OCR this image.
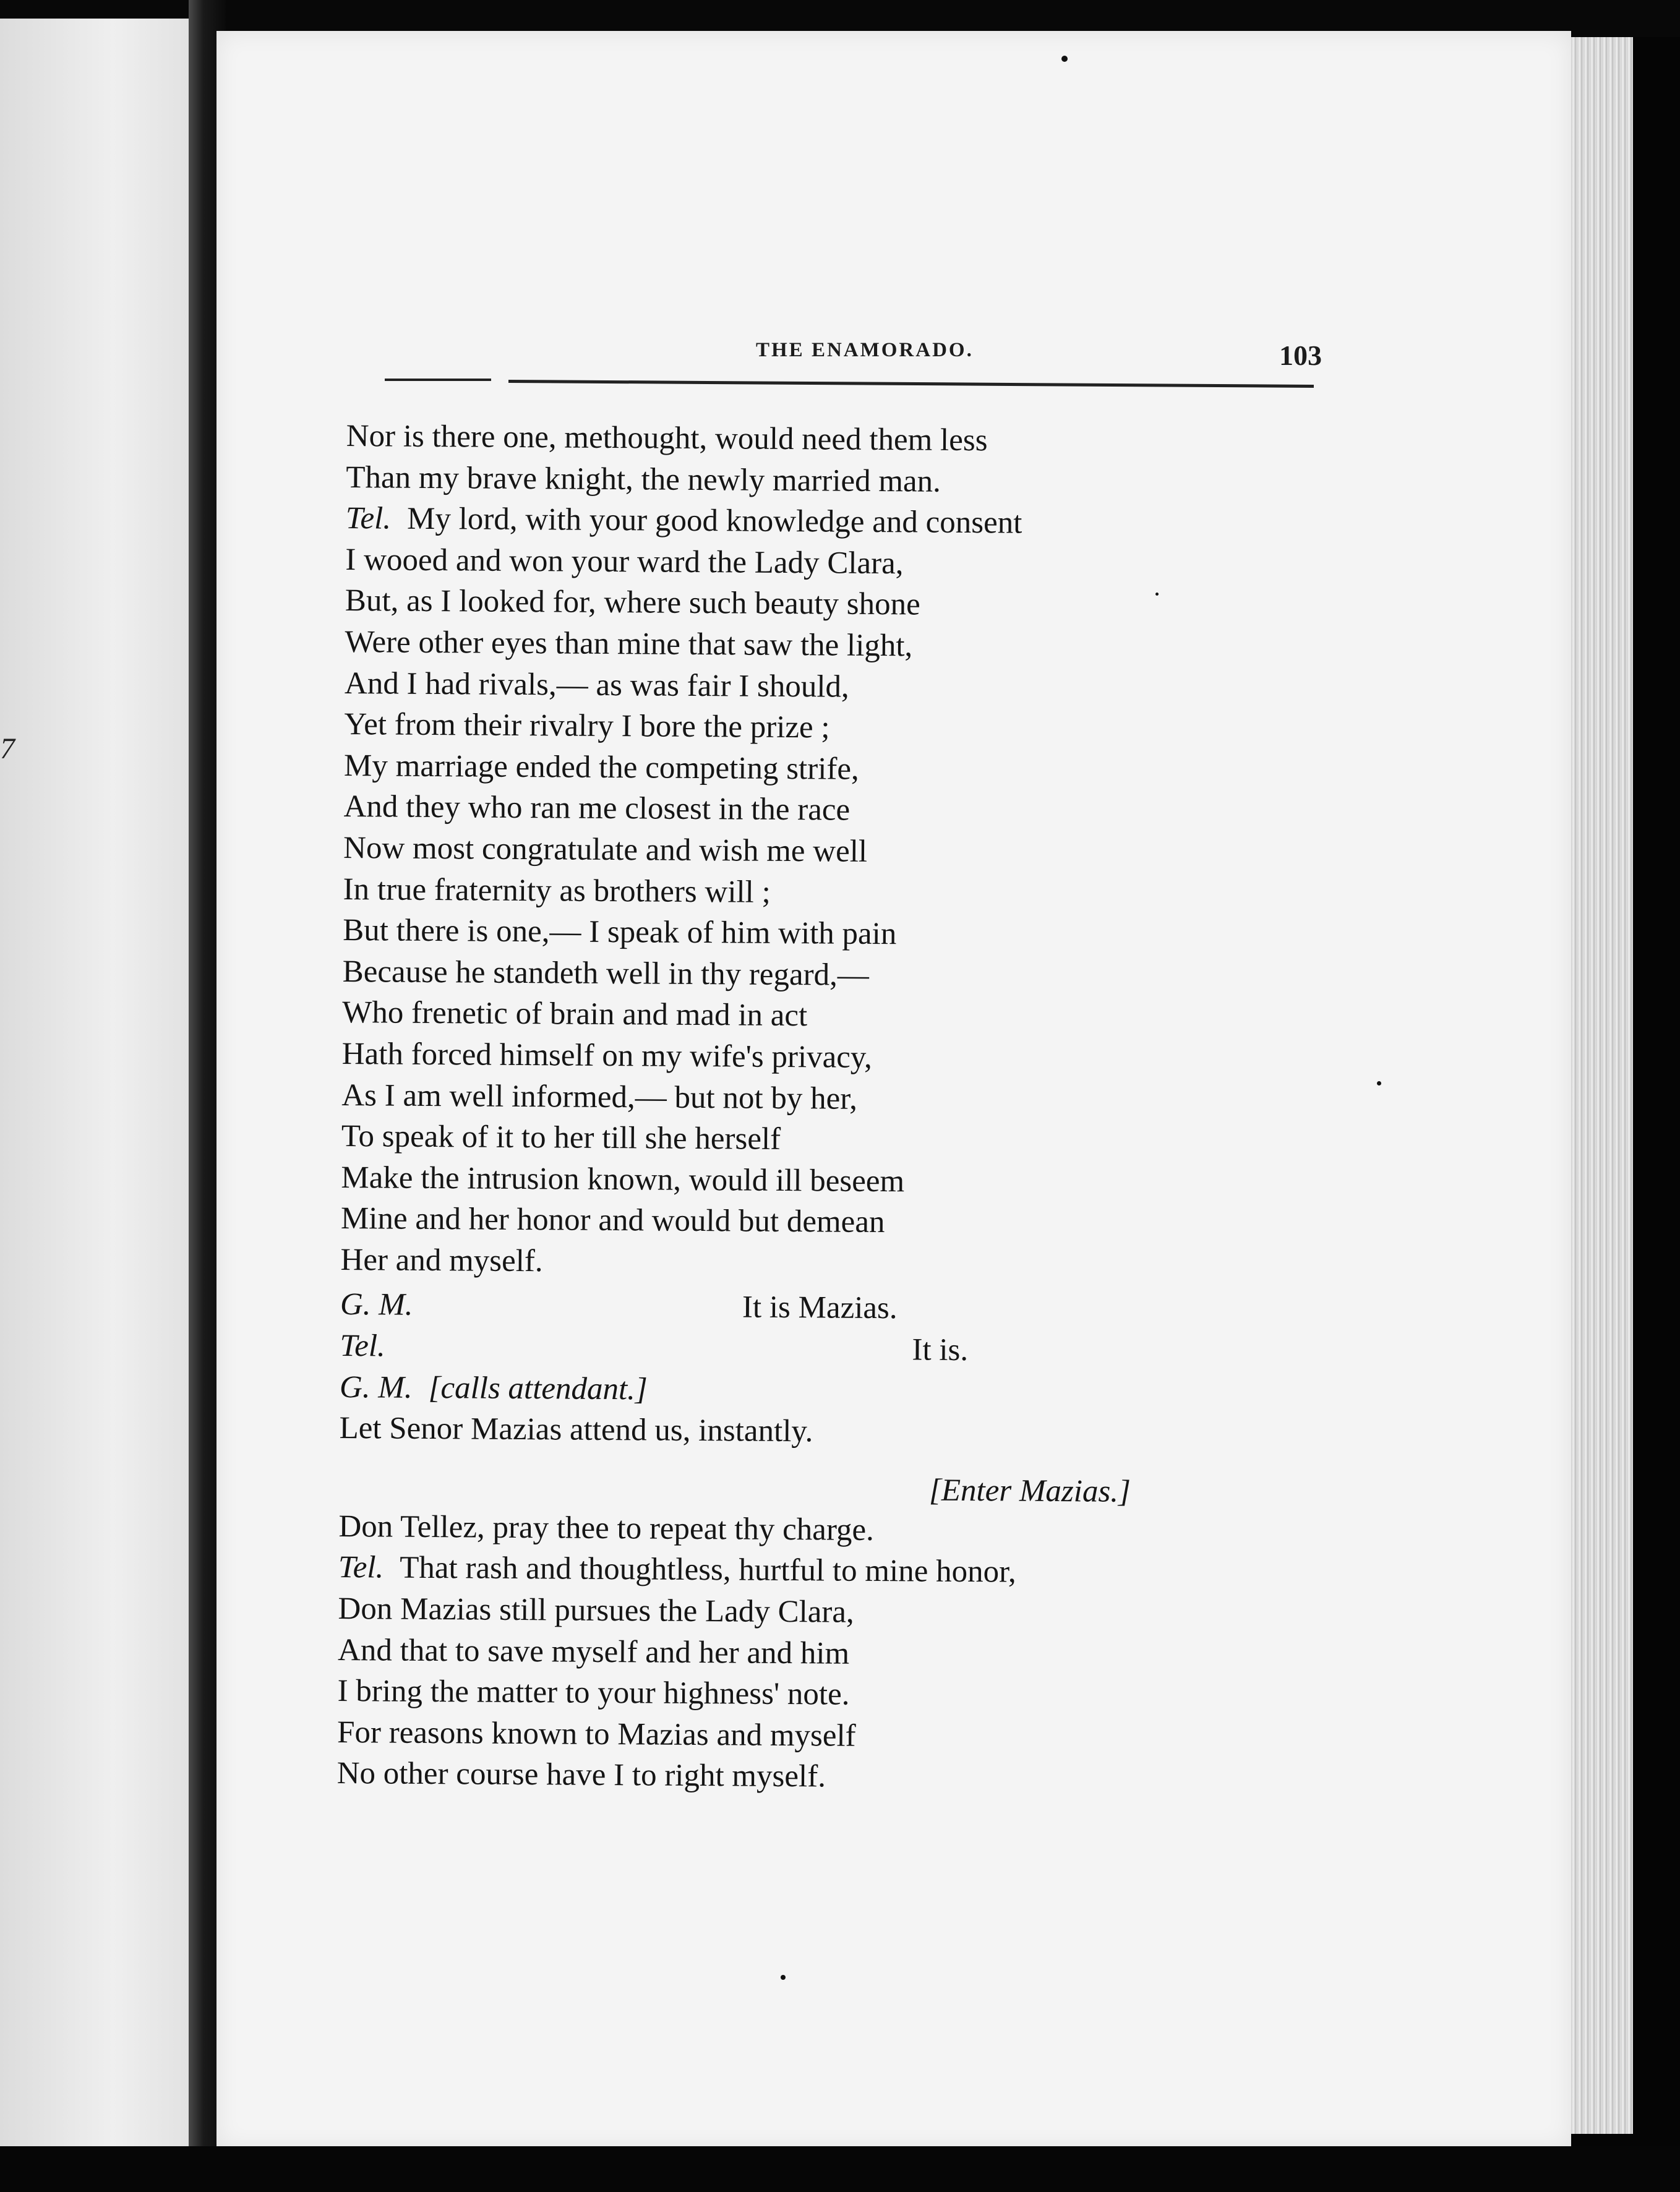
7
THE ENAMORADO.	103
Nor is there one, methought, would need them less
Than my brave knight, the newly married man.
Tel. My lord, with your good knowledge and consent
I wooed and won your ward the Lady Clara,
But, as I looked for, where such beauty shone
Were other eyes than mine that saw the light,
And I had rivals,— as was fair I should,
Yet from their rivalry I bore the prize ;
My marriage ended the competing strife,
And they who ran me closest in the race
Now most congratulate and wish me well
In true fraternity as brothers will ;
But there is one,— I speak of him with pain
Because he standeth well in thy regard,—
Who frenetic of brain and mad in act
Hath forced himself on my wife's privacy,
As I am well informed,— but not by her,
To speak of it to her till she herself
Make the intrusion known, would ill beseem
Mine and her honor and would but demean
Her and myself.
G. M.	It is Mazias.
Tel.	It is.
G. M. [calls attendant.]
Let Senor Mazias attend us, instantly.
[Enter Mazias.]
Don Tellez, pray thee to repeat thy charge.
Tel. That rash and thoughtless, hurtful to mine honor,
Don Mazias still pursues the Lady Clara,
And that to save myself and her and him
I bring the matter to your highness' note.
For reasons known to Mazias and myself
No other course have I to right myself.
